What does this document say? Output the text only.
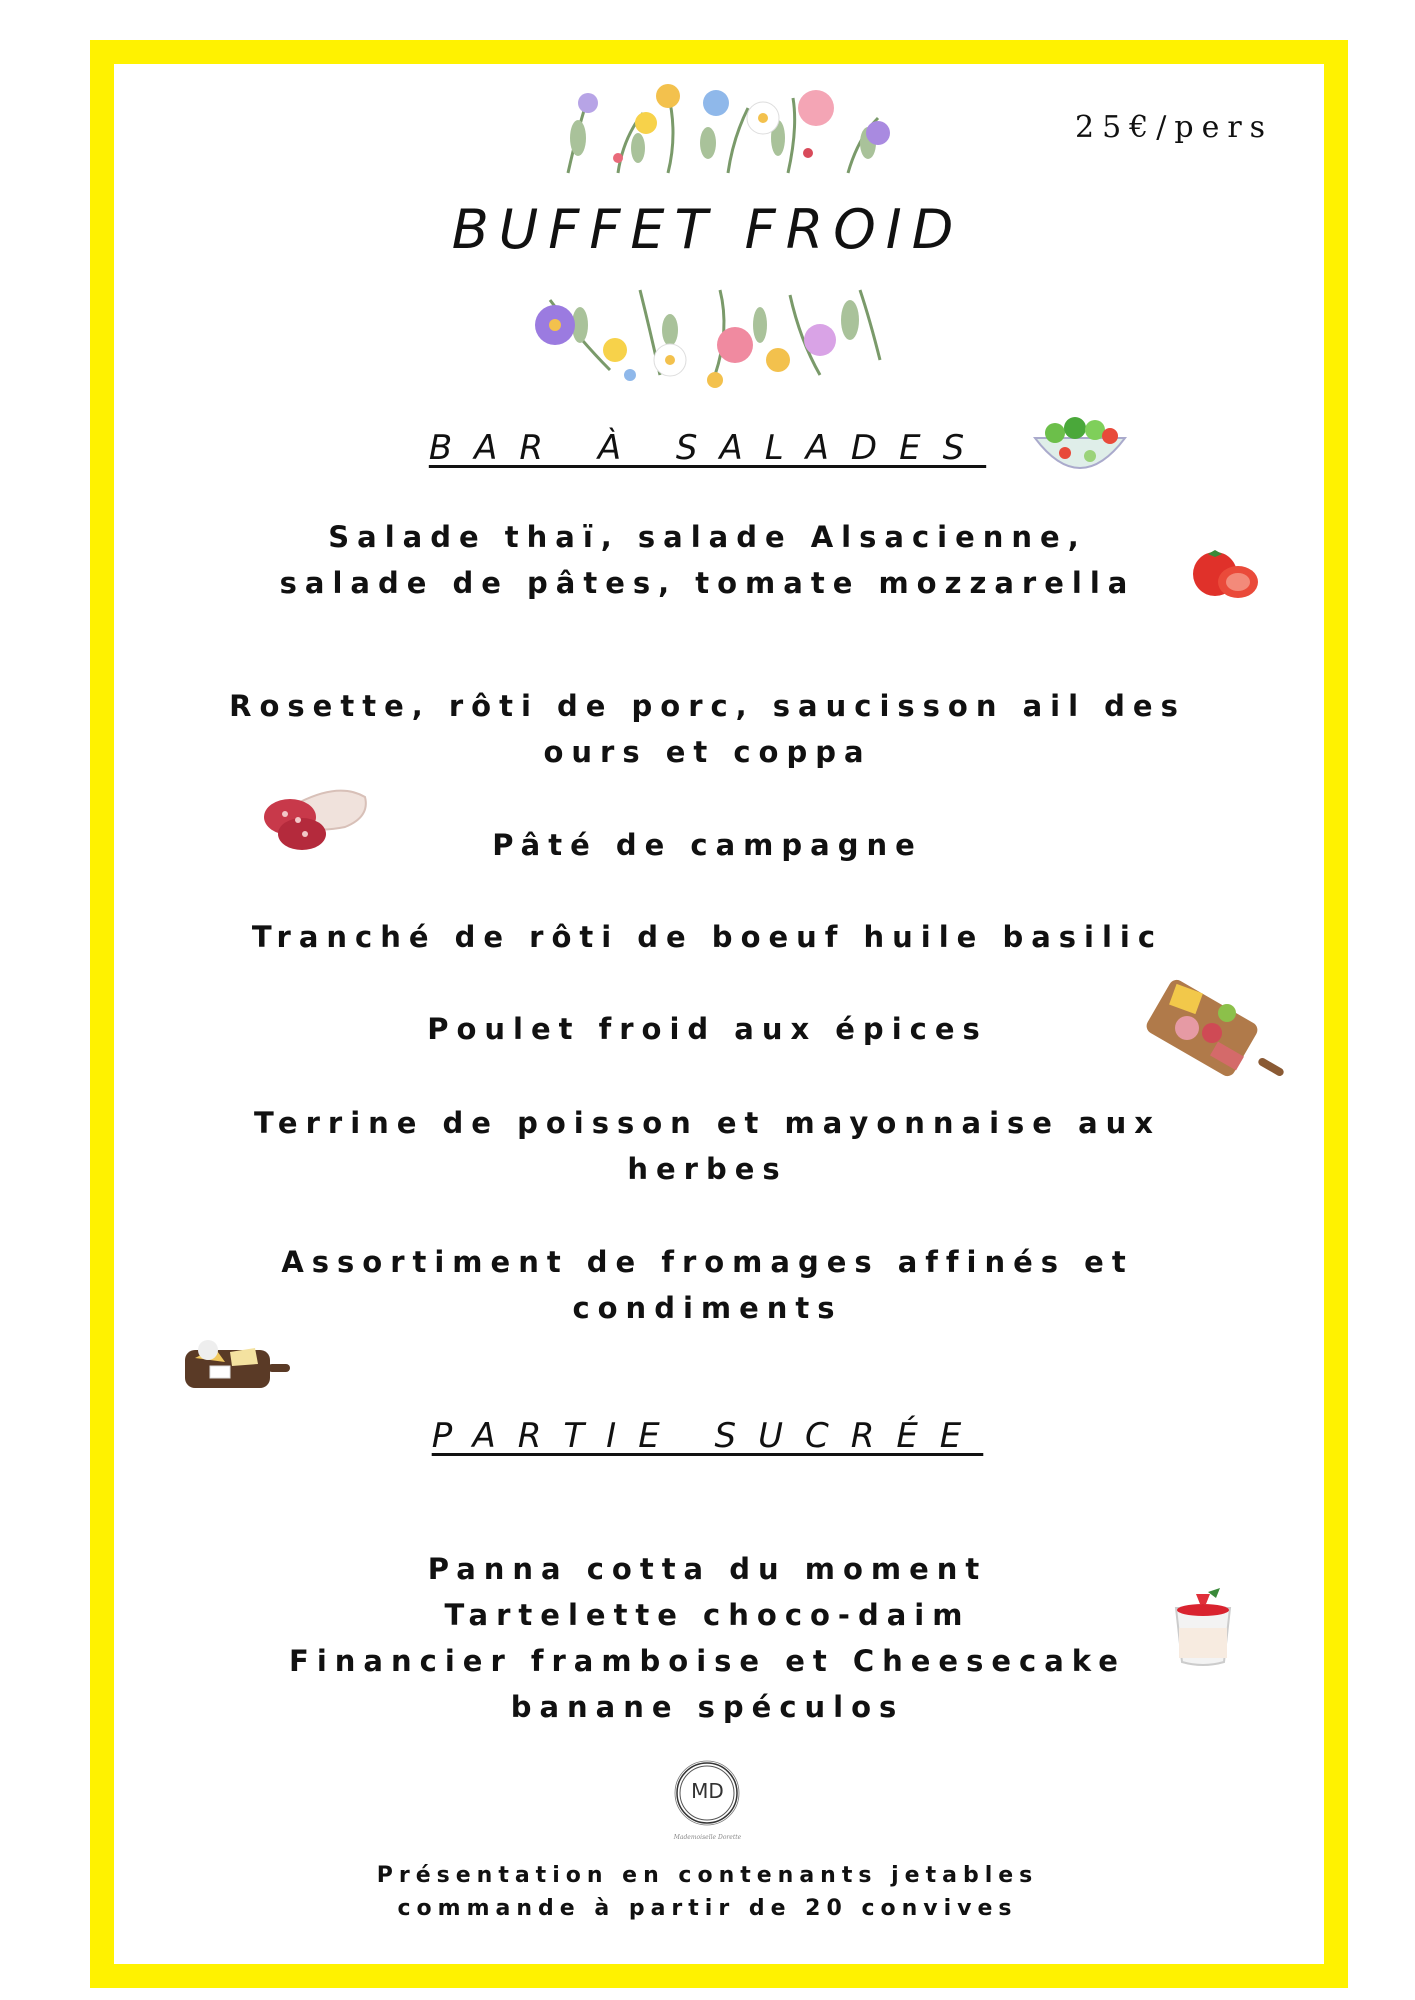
25€/pers
BUFFET FROID
BAR À SALADES
Salade thaï, salade Alsacienne,
salade de pâtes, tomate mozzarella
Rosette, rôti de porc, saucisson ail des
ours et coppa
Pâté de campagne
Tranché de rôti de boeuf huile basilic
Poulet froid aux épices
Terrine de poisson et mayonnaise aux
herbes
Assortiment de fromages affinés et
condiments
PARTIE SUCRÉE
Panna cotta du moment
Tartelette choco-daim
Financier framboise et Cheesecake
banane spéculos
MD
Mademoiselle Dorette
Présentation en contenants jetables
commande à partir de 20 convives
